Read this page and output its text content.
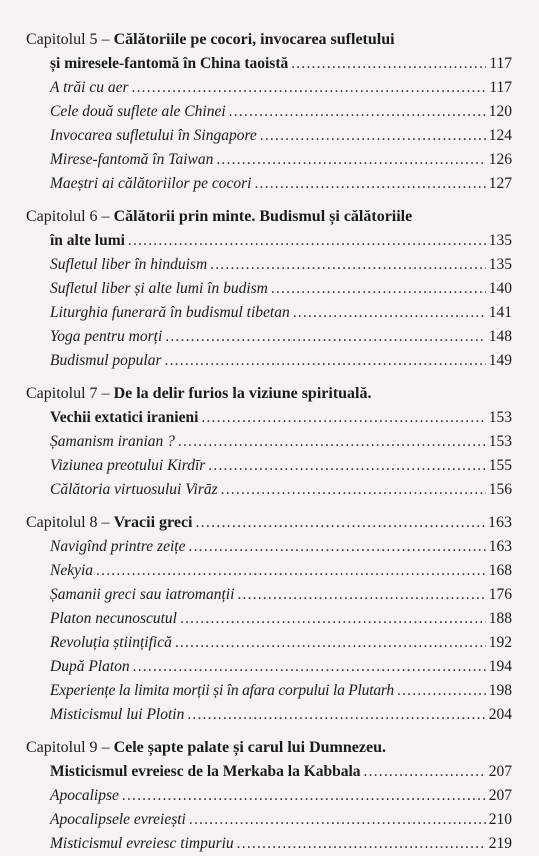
Capitolul 5 – Călătoriile pe cocori, invocarea sufletului
și miresele-fantomă în China taoistă .....	117
A trăi cu aer .....	117
Cele două suflete ale Chinei .....	120
Invocarea sufletului în Singapore .....	124
Mirese-fantomă în Taiwan .....	126
Maeștri ai călătoriilor pe cocori .....	127
Capitolul 6 – Călătorii prin minte. Budismul și călătoriile
în alte lumi .....	135
Sufletul liber în hinduism .....	135
Sufletul liber și alte lumi în budism .....	140
Liturghia funerară în budismul tibetan .....	141
Yoga pentru morți .....	148
Budismul popular .....	149
Capitolul 7 – De la delir furios la viziune spirituală.
Vechii extatici iranieni .....	153
Șamanism iranian ? .....	153
Viziunea preotului Kirdīr .....	155
Călătoria virtuosului Virāz .....	156
Capitolul 8 – Vracii greci .....	163
Navigînd printre zeițe .....	163
Nekyia .....	168
Șamanii greci sau iatromanții .....	176
Platon necunoscutul .....	188
Revoluția științifică .....	192
După Platon .....	194
Experiențe la limita morții și în afara corpului la Plutarh .....	198
Misticismul lui Plotin .....	204
Capitolul 9 – Cele șapte palate și carul lui Dumnezeu.
Misticismul evreiesc de la Merkaba la Kabbala .....	207
Apocalipse .....	207
Apocalipsele evreiești .....	210
Misticismul evreiesc timpuriu .....	219
